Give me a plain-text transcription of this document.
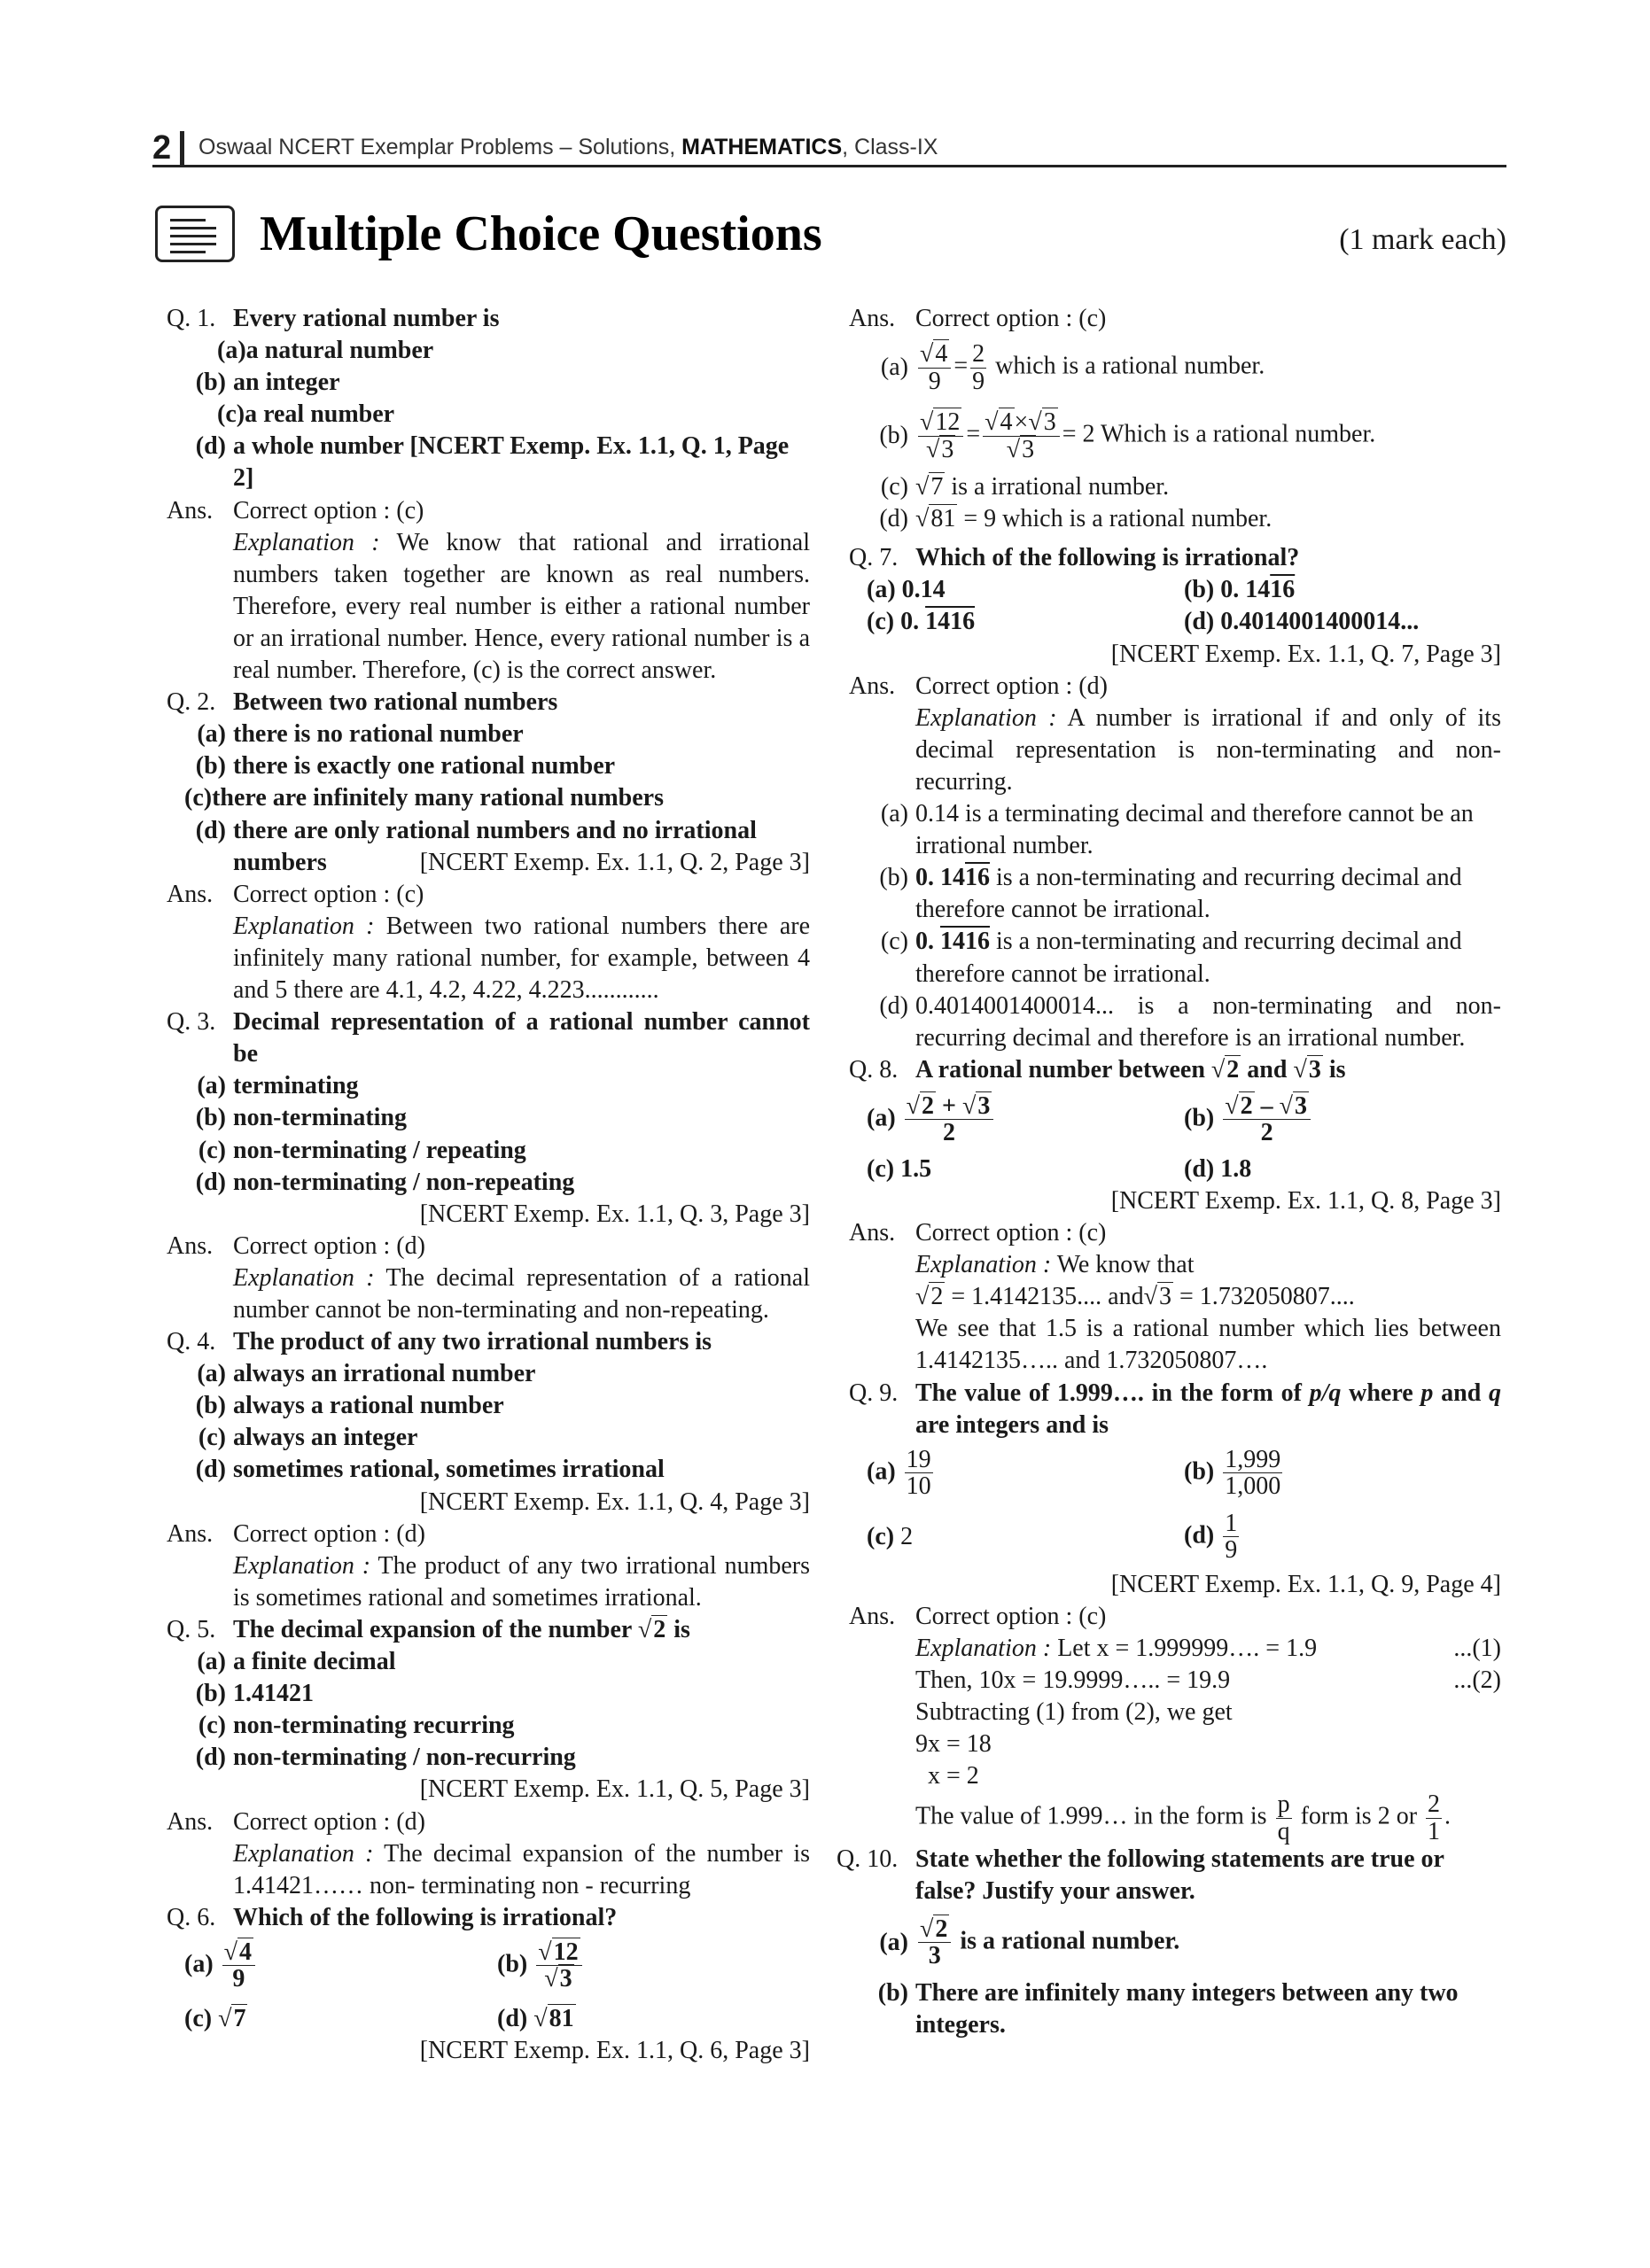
2 Oswaal NCERT Exemplar Problems – Solutions, MATHEMATICS, Class-IX
Multiple Choice Questions	(1 mark each)
Q. 1. Every rational number is
(a)a natural number
(b) an integer
(c)a real number
(d) a whole number [NCERT Exemp. Ex. 1.1, Q. 1, Page 2]
Ans. Correct option : (c)
Explanation : We know that rational and irrational numbers taken together are known as real numbers. Therefore, every real number is either a rational number or an irrational number. Hence, every rational number is a real number. Therefore, (c) is the correct answer.
Q. 2. Between two rational numbers
(a) there is no rational number
(b) there is exactly one rational number
(c)there are infinitely many rational numbers
(d) there are only rational numbers and no irrational numbers	[NCERT Exemp. Ex. 1.1, Q. 2, Page 3]
Ans. Correct option : (c)
Explanation : Between two rational numbers there are infinitely many rational number, for example, between 4 and 5 there are 4.1, 4.2, 4.22, 4.223............
Q. 3. Decimal representation of a rational number cannot be
(a) terminating
(b) non-terminating
(c) non-terminating / repeating
(d) non-terminating / non-repeating
[NCERT Exemp. Ex. 1.1, Q. 3, Page 3]
Ans. Correct option : (d)
Explanation : The decimal representation of a rational number cannot be non-terminating and non-repeating.
Q. 4. The product of any two irrational numbers is
(a) always an irrational number
(b) always a rational number
(c) always an integer
(d) sometimes rational, sometimes irrational
[NCERT Exemp. Ex. 1.1, Q. 4, Page 3]
Ans. Correct option : (d)
Explanation : The product of any two irrational numbers is sometimes rational and sometimes irrational.
Q. 5. The decimal expansion of the number √2 is
(a) a finite decimal
(b) 1.41421
(c) non-terminating recurring
(d) non-terminating / non-recurring
[NCERT Exemp. Ex. 1.1, Q. 5, Page 3]
Ans. Correct option : (d)
Explanation : The decimal expansion of the number is 1.41421…… non- terminating non - recurring
Q. 6. Which of the following is irrational?
$(a) \frac{√4}{9}$	$(b) \frac{√12}{√3}$
(c) √7	(d) √81
[NCERT Exemp. Ex. 1.1, Q. 6, Page 3]
Ans. Correct option : (c)
$(a) \frac{√4}{9} = \frac{2}{9}$ which is a rational number.
$(b) \frac{√12}{√3} = \frac{√4\times√3}{√3} = 2$ Which is a rational number.
(c) √7 is a irrational number.
(d) √81 = 9 which is a rational number.
Q. 7. Which of the following is irrational?
(a) 0.14	(b) 0. 1416
(c) 0. 1416	(d) 0.4014001400014...
[NCERT Exemp. Ex. 1.1, Q. 7, Page 3]
Ans. Correct option : (d)
Explanation : A number is irrational if and only of its decimal representation is non-terminating and non-recurring.
(a) 0.14 is a terminating decimal and therefore cannot be an irrational number.
(b) 0. 1416 is a non-terminating and recurring decimal and therefore cannot be irrational.
(c) 0. 1416 is a non-terminating and recurring decimal and therefore cannot be irrational.
(d) 0.4014001400014... is a non-terminating and non-recurring decimal and therefore is an irrational number.
Q. 8. A rational number between √2 and √3 is
$(a) \frac{√2 + √3}{2}$	$(b) \frac{√2 - √3}{2}$
(c) 1.5	(d) 1.8
[NCERT Exemp. Ex. 1.1, Q. 8, Page 3]
Ans. Correct option : (c)
Explanation : We know that
√2 = 1.4142135.... and√3 = 1.732050807....
We see that 1.5 is a rational number which lies between 1.4142135….. and 1.732050807….
Q. 9. The value of 1.999…. in the form of p/q where p and q are integers and is
$(a) \frac{19}{10}$	$(b) \frac{1,999}{1,000}$
(c) 2	$(d) \frac{1}{9}$
[NCERT Exemp. Ex. 1.1, Q. 9, Page 4]
Ans. Correct option : (c)
Explanation : Let x = 1.999999…. = 1.9	...(1)
Then, 10x = 19.9999….. = 19.9	...(2)
Subtracting (1) from (2), we get
9x = 18
x = 2
The value of 1.999… in the form is $\frac{p}{q}$ form is 2 or $\frac{2}{1}$ .
Q. 10. State whether the following statements are true or false? Justify your answer.
$(a) \frac{√2}{3}$ is a rational number.
(b) There are infinitely many integers between any two integers.
